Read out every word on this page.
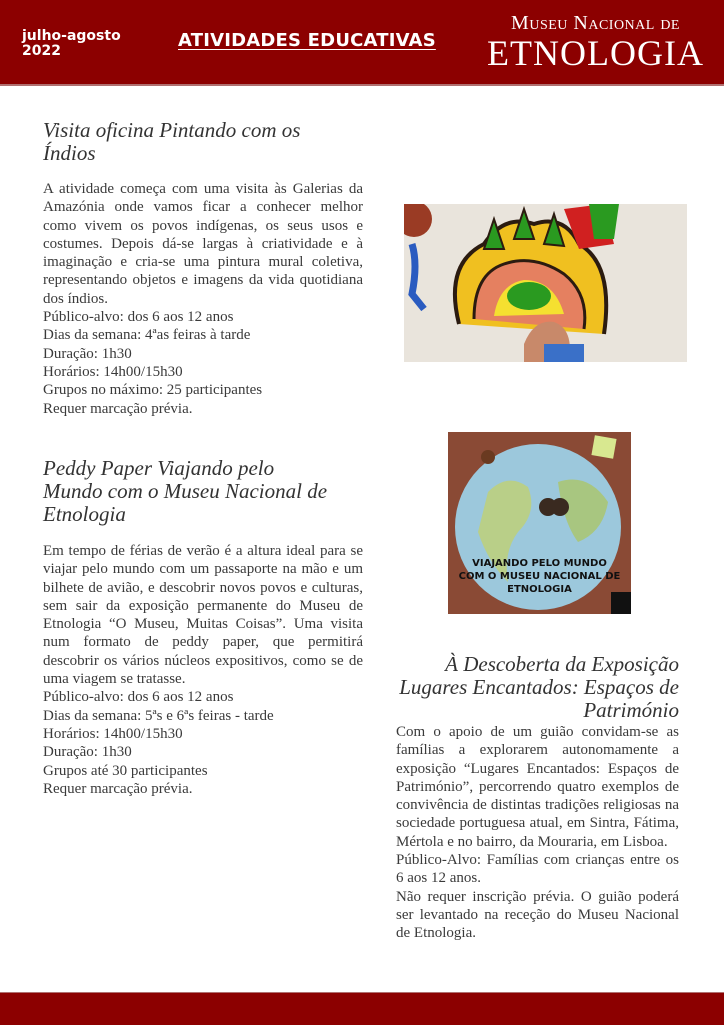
julho-agosto
2022	ATIVIDADES EDUCATIVAS
Museu Nacional de
ETNOLOGIA
Visita oficina Pintando com os
Índios

A atividade começa com uma visita às Galerias da Amazónia onde vamos ficar a conhecer melhor como vivem os povos indígenas, os seus usos e costumes. Depois dá-se largas à criatividade e à imaginação e cria-se uma pintura mural coletiva, representando objetos e imagens da vida quotidiana dos índios.

Público-alvo: dos 6 aos 12 anos

Dias da semana: 4ªas feiras à tarde

Duração: 1h30

Horários: 14h00/15h30

Grupos no máximo: 25 participantes

Requer marcação prévia.

Peddy Paper Viajando pelo
Mundo com o Museu Nacional de
Etnologia

Em tempo de férias de verão é a altura ideal para se viajar pelo mundo com um passaporte na mão e um bilhete de avião, e descobrir novos povos e culturas, sem sair da exposição permanente do Museu de Etnologia “O Museu, Muitas Coisas”. Uma visita num formato de peddy paper, que permitirá descobrir os vários núcleos expositivos, como se de uma viagem se tratasse.

Público-alvo: dos 6 aos 12 anos

Dias da semana: 5ªs e 6ªs feiras - tarde

Horários: 14h00/15h30

Duração: 1h30

Grupos até 30 participantes

Requer marcação prévia.

VIAJANDO PELO MUNDO
COM O MUSEU NACIONAL DE
ETNOLOGIA
À Descoberta da Exposição
Lugares Encantados: Espaços de
Património

Com o apoio de um guião convidam-se as famílias a explorarem autonomamente a exposição “Lugares Encantados: Espaços de Património”, percorrendo quatro exemplos de convivência de distintas tradições religiosas na sociedade portuguesa atual, em Sintra, Fátima, Mértola e no bairro, da Mouraria, em Lisboa.

Público-Alvo: Famílias com crianças entre os 6 aos 12 anos.

Não requer inscrição prévia. O guião poderá ser levantado na receção do Museu Nacional de Etnologia.
